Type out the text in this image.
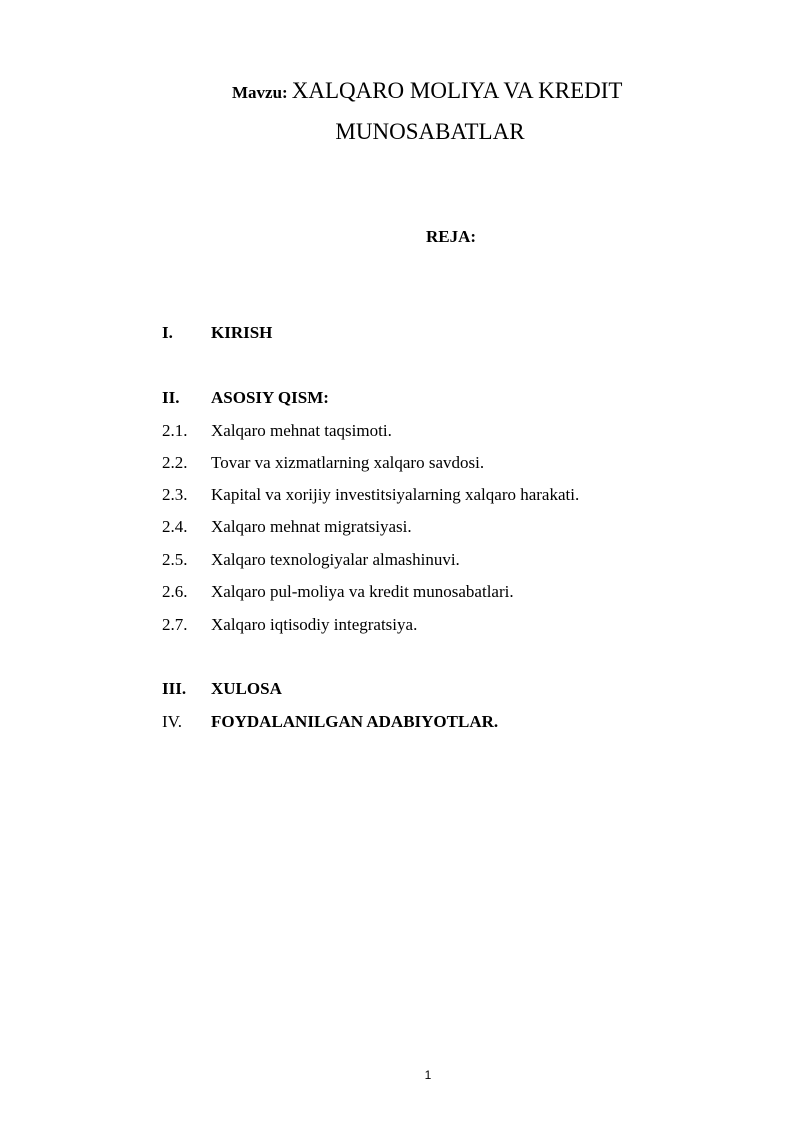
Mavzu: XALQARO MOLIYA VA KREDIT
MUNOSABATLAR
REJA:
I. KIRISH
II. ASOSIY QISM:
2.1. Xalqaro mehnat taqsimoti.
2.2. Tovar va xizmatlarning xalqaro savdosi.
2.3. Kapital va xorijiy investitsiyalarning xalqaro harakati.
2.4. Xalqaro mehnat migratsiyasi.
2.5. Xalqaro texnologiyalar almashinuvi.
2.6. Xalqaro pul-moliya va kredit munosabatlari.
2.7. Xalqaro iqtisodiy integratsiya.
III. XULOSA
IV. FOYDALANILGAN ADABIYOTLAR.
1
